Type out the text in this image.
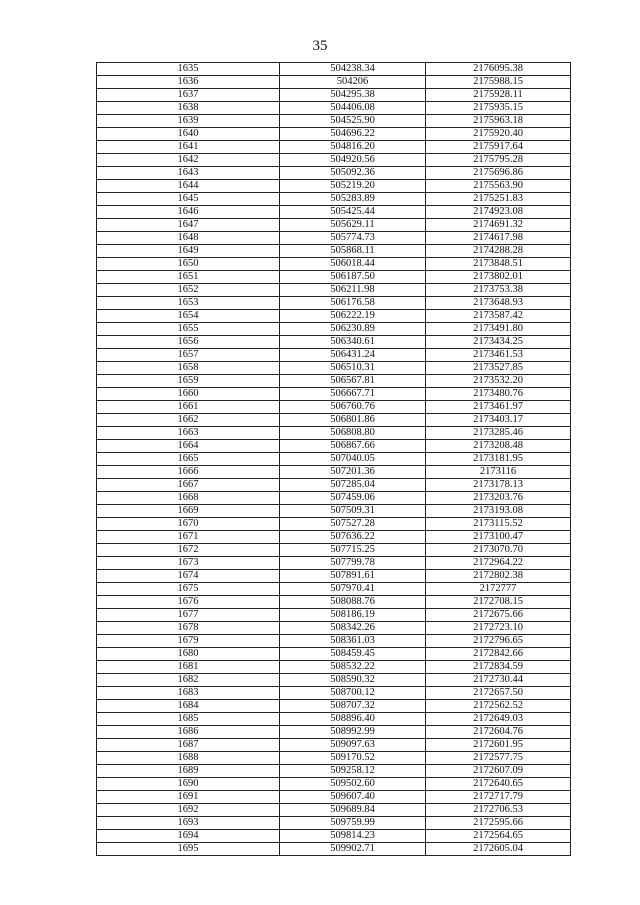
35
1635	504238.34	2176095.38
1636	504206	2175988.15
1637	504295.38	2175928.11
1638	504406.08	2175935.15
1639	504525.90	2175963.18
1640	504696.22	2175920.40
1641	504816.20	2175917.64
1642	504920.56	2175795.28
1643	505092.36	2175696.86
1644	505219.20	2175563.90
1645	505283.89	2175251.83
1646	505425.44	2174923.08
1647	505629.11	2174691.32
1648	505774.73	2174617.98
1649	505868.11	2174288.28
1650	506018.44	2173848.51
1651	506187.50	2173802.01
1652	506211.98	2173753.38
1653	506176.58	2173648.93
1654	506222.19	2173587.42
1655	506230.89	2173491.80
1656	506340.61	2173434.25
1657	506431.24	2173461.53
1658	506510.31	2173527.85
1659	506567.81	2173532.20
1660	506667.71	2173480.76
1661	506760.76	2173461.97
1662	506801.86	2173403.17
1663	506808.80	2173285.46
1664	506867.66	2173208.48
1665	507040.05	2173181.95
1666	507201.36	2173116
1667	507285.04	2173178.13
1668	507459.06	2173203.76
1669	507509.31	2173193.08
1670	507527.28	2173115.52
1671	507636.22	2173100.47
1672	507715.25	2173070.70
1673	507799.78	2172964.22
1674	507891.61	2172802.38
1675	507970.41	2172777
1676	508088.76	2172708.15
1677	508186.19	2172675.66
1678	508342.26	2172723.10
1679	508361.03	2172796.65
1680	508459.45	2172842.66
1681	508532.22	2172834.59
1682	508590.32	2172730.44
1683	508700.12	2172657.50
1684	508707.32	2172562.52
1685	508896.40	2172649.03
1686	508992.99	2172604.76
1687	509097.63	2172601.95
1688	509170.52	2172577.75
1689	509258.12	2172607.09
1690	509502.60	2172640.65
1691	509607.40	2172717.79
1692	509689.84	2172706.53
1693	509759.99	2172595.66
1694	509814.23	2172564.65
1695	509902.71	2172605.04
